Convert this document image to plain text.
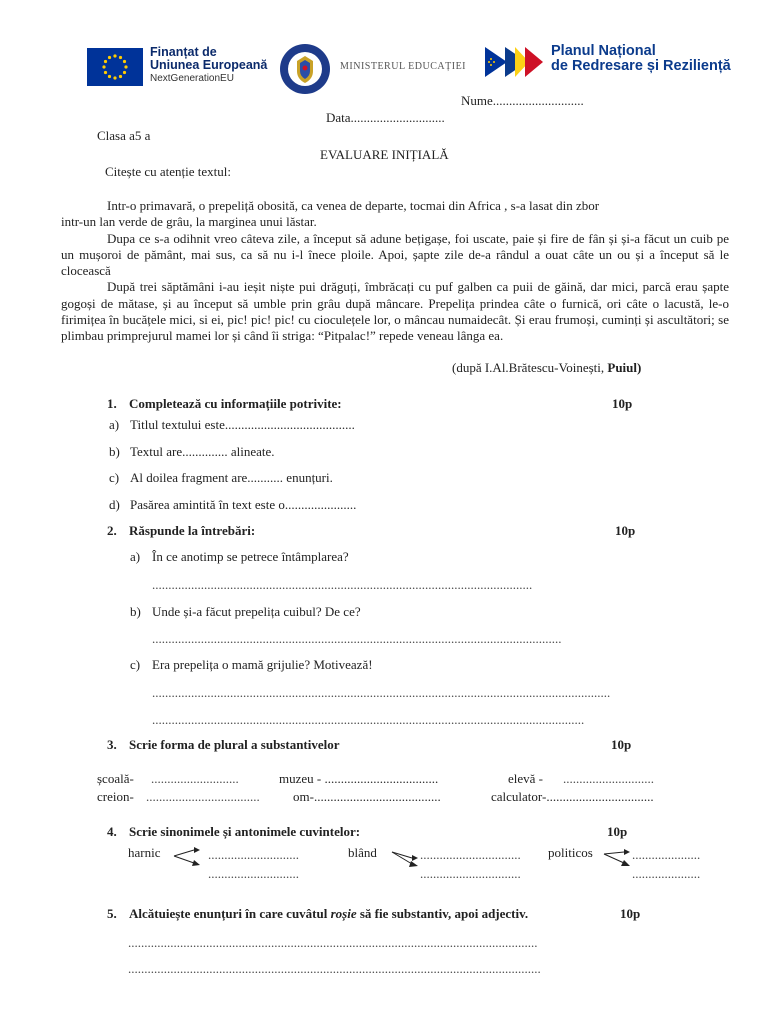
Finanțat de
Uniunea Europeană
NextGenerationEU
MINISTERUL EDUCAȚIEI
Planul Național
de Redresare și Reziliență
Nume............................
Data.............................
Clasa a5 a
EVALUARE INIȚIALĂ
Citește cu atenție textul:

Intr-o primavară, o prepeliță obosită, ca venea de departe, tocmai din Africa , s-a lasat din zbor

intr-un lan verde de grâu, la marginea unui lăstar.

Dupa ce s-a odihnit vreo câteva zile, a început să adune bețigașe, foi uscate, paie și fire de fân și și-a făcut un cuib pe un mușoroi de pământ, mai sus, ca să nu i-l înece ploile. Apoi, șapte zile de-a rândul a ouat câte un ou și a început să le clocească

După trei săptămâni i-au ieșit niște pui drăguți, îmbrăcați cu puf galben ca puii de găină, dar mici, parcă erau șapte gogoși de mătase, și au început să umble prin grâu după mâncare. Prepelița prindea câte o furnică, ori câte o lacustă, le-o firimițea în bucățele mici, si ei, pic! pic! pic! cu cioculețele lor, o mâncau numaidecât. Și erau frumoși, cuminți și ascultători; se plimbau primprejurul mamei lor și când îi striga: “Pitpalac!” repede veneau lânga ea.

(după I.Al.Brătescu-Voinești, Puiul)
1. Completează cu informațiile potrivite:	10p
a) Titlul textului este........................................
b) Textul are.............. alineate.
c) Al doilea fragment are........... enunțuri.
d) Pasărea amintită în text este o......................
2. Răspunde la întrebări:	10p
a) În ce anotimp se petrece întâmplarea?
.....................................................................................................................
b) Unde și-a făcut prepelița cuibul? De ce?
..............................................................................................................................
c) Era prepelița o mamă grijulie? Motivează!
.............................................................................................................................................
.....................................................................................................................................
3. Scrie forma de plural a substantivelor	10p
școală- ...........................	muzeu - ...................................	elevă - ............................
creion- ...................................	om-.......................................	calculator-.................................
4. Scrie sinonimele și antonimele cuvintelor:	10p
harnic	............................
............................
blând	...............................
...............................
politicos	.....................
.....................
5. Alcătuiește enunțuri în care cuvâtul roșie să fie substantiv, apoi adjectiv.	10p
..............................................................................................................................
...............................................................................................................................
